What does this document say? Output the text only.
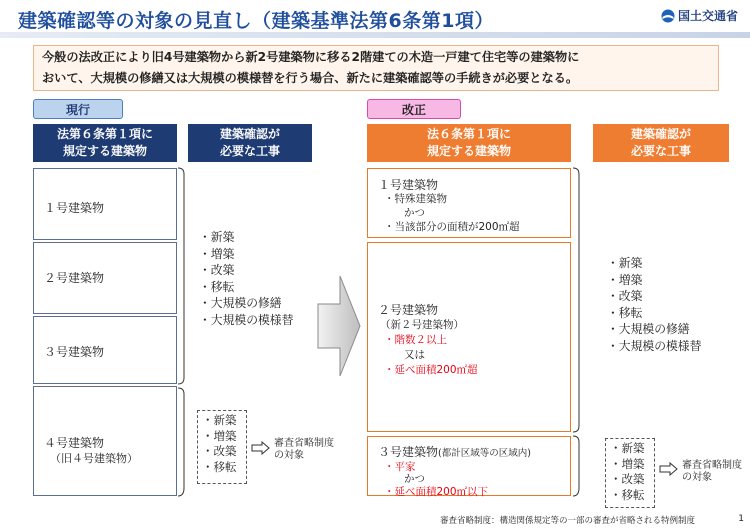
建築確認等の対象の見直し（建築基準法第6条第1項）	国土交通省
今般の法改正により旧4号建築物から新2号建築物に移る2階建ての木造一戸建て住宅等の建築物に
おいて、大規模の修繕又は大規模の模様替を行う場合、新たに建築確認等の手続きが必要となる。
現行
法第６条第１項に
規定する建築物
建築確認が
必要な工事
１号建築物
２号建築物
３号建築物
４号建築物
（旧４号建築物）
・新築
・増築
・改築
・移転
・大規模の修繕
・大規模の模様替
・新築
・増築
・改築
・移転
審査省略制度
の対象
改正
法６条第１項に
規定する建築物
建築確認が
必要な工事
１号建築物
・特殊建築物
かつ
・当該部分の面積が200㎡超
２号建築物
（新２号建築物）
・階数２以上
又は
・延べ面積200㎡超
３号建築物(都計区域等の区域内)
・平家
かつ
・延べ面積200㎡以下
・新築
・増築
・改築
・移転
・大規模の修繕
・大規模の模様替
・新築
・増築
・改築
・移転
審査省略制度
の対象
審査省略制度：構造関係規定等の一部の審査が省略される特例制度	1
